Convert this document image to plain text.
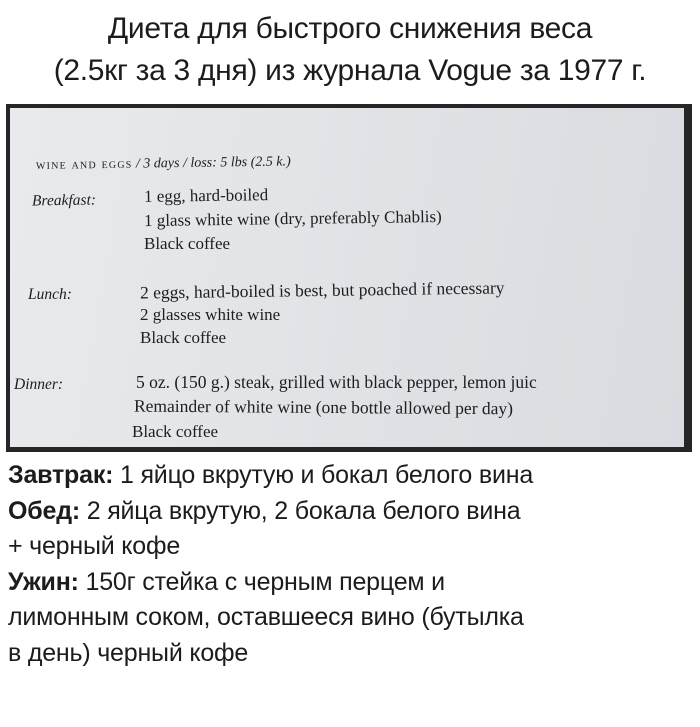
Диета для быстрого снижения веса
(2.5кг за 3 дня) из журнала Vogue за 1977 г.
wine and eggs / 3 days / loss: 5 lbs (2.5 k.)
Breakfast:	1 egg, hard-boiled
1 glass white wine (dry, preferably Chablis)
Black coffee
Lunch:	2 eggs, hard-boiled is best, but poached if necessary
2 glasses white wine
Black coffee
Dinner:	5 oz. (150 g.) steak, grilled with black pepper, lemon juic
Remainder of white wine (one bottle allowed per day)
Black coffee

Завтрак: 1 яйцо вкрутую и бокал белого вина

Обед: 2 яйца вкрутую, 2 бокала белого вина

+ черный кофе

Ужин: 150г стейка с черным перцем и

лимонным соком, оставшееся вино (бутылка

в день) черный кофе
